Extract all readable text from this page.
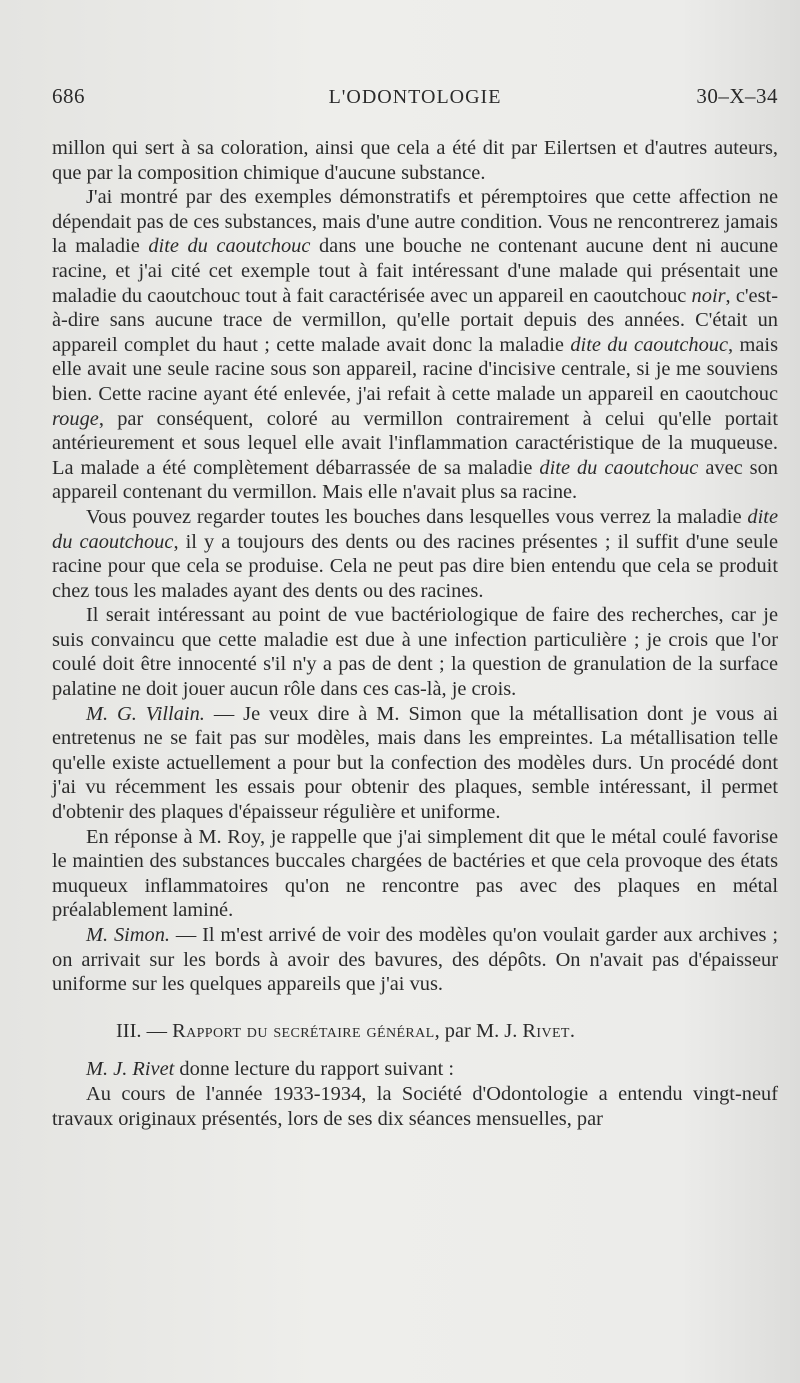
686	L'ODONTOLOGIE	30–X–34

millon qui sert à sa coloration, ainsi que cela a été dit par Eilertsen et d'autres auteurs, que par la composition chimique d'aucune substance.

J'ai montré par des exemples démonstratifs et péremptoires que cette affection ne dépendait pas de ces substances, mais d'une autre condition. Vous ne rencontrerez jamais la maladie dite du caoutchouc dans une bouche ne contenant aucune dent ni aucune racine, et j'ai cité cet exemple tout à fait intéressant d'une malade qui présentait une maladie du caoutchouc tout à fait caractérisée avec un appareil en caoutchouc noir, c'est-à-dire sans aucune trace de vermillon, qu'elle portait depuis des années. C'était un appareil complet du haut ; cette malade avait donc la maladie dite du caoutchouc, mais elle avait une seule racine sous son appareil, racine d'incisive centrale, si je me souviens bien. Cette racine ayant été enlevée, j'ai refait à cette malade un appareil en caoutchouc rouge, par conséquent, coloré au vermillon contrairement à celui qu'elle portait antérieurement et sous lequel elle avait l'inflammation caractéristique de la muqueuse. La malade a été complètement débarrassée de sa maladie dite du caoutchouc avec son appareil contenant du vermillon. Mais elle n'avait plus sa racine.

Vous pouvez regarder toutes les bouches dans lesquelles vous verrez la maladie dite du caoutchouc, il y a toujours des dents ou des racines présentes ; il suffit d'une seule racine pour que cela se produise. Cela ne peut pas dire bien entendu que cela se produit chez tous les malades ayant des dents ou des racines.

Il serait intéressant au point de vue bactériologique de faire des recherches, car je suis convaincu que cette maladie est due à une infection particulière ; je crois que l'or coulé doit être innocenté s'il n'y a pas de dent ; la question de granulation de la surface palatine ne doit jouer aucun rôle dans ces cas-là, je crois.

M. G. Villain. — Je veux dire à M. Simon que la métallisation dont je vous ai entretenus ne se fait pas sur modèles, mais dans les empreintes. La métallisation telle qu'elle existe actuellement a pour but la confection des modèles durs. Un procédé dont j'ai vu récemment les essais pour obtenir des plaques, semble intéressant, il permet d'obtenir des plaques d'épaisseur régulière et uniforme.

En réponse à M. Roy, je rappelle que j'ai simplement dit que le métal coulé favorise le maintien des substances buccales chargées de bactéries et que cela provoque des états muqueux inflammatoires qu'on ne rencontre pas avec des plaques en métal préalablement laminé.

M. Simon. — Il m'est arrivé de voir des modèles qu'on voulait garder aux archives ; on arrivait sur les bords à avoir des bavures, des dépôts. On n'avait pas d'épaisseur uniforme sur les quelques appareils que j'ai vus.

III. — Rapport du secrétaire général, par M. J. Rivet.

M. J. Rivet donne lecture du rapport suivant :

Au cours de l'année 1933-1934, la Société d'Odontologie a entendu vingt-neuf travaux originaux présentés, lors de ses dix séances mensuelles, par
